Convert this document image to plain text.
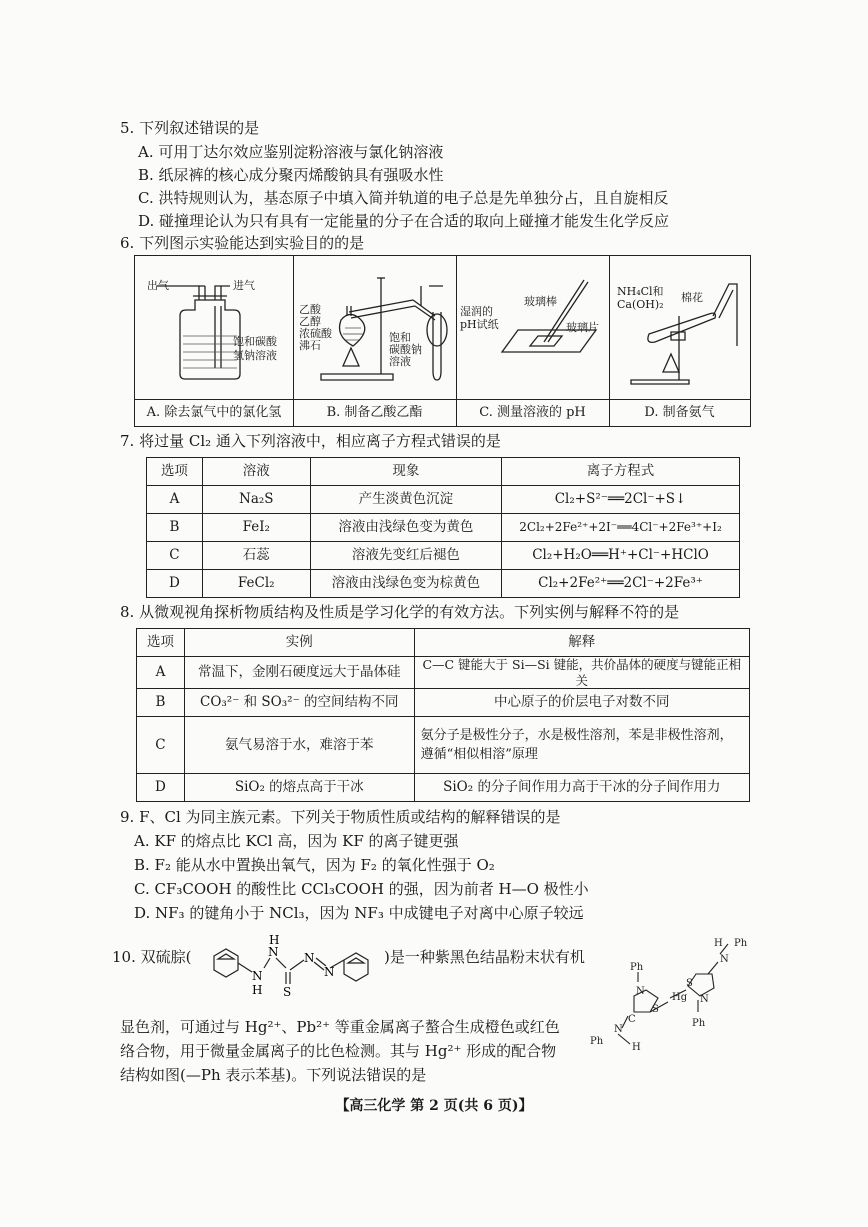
5. 下列叙述错误的是
A. 可用丁达尔效应鉴别淀粉溶液与氯化钠溶液
B. 纸尿裤的核心成分聚丙烯酸钠具有强吸水性
C. 洪特规则认为，基态原子中填入简并轨道的电子总是先单独分占，且自旋相反
D. 碰撞理论认为只有具有一定能量的分子在合适的取向上碰撞才能发生化学反应
6. 下列图示实验能达到实验目的的是
出气	进气
饱和碳酸
氢钠溶液
A. 除去氯气中的氯化氢
乙酸
乙醇
浓硫酸
沸石
饱和
碳酸钠
溶液
B. 制备乙酸乙酯
玻璃棒
湿润的
pH试纸	玻璃片
C. 测量溶液的 pH
NH₄Cl和
Ca(OH)₂
棉花
D. 制备氨气
7. 将过量 Cl₂ 通入下列溶液中，相应离子方程式错误的是
选项	溶液	现象	离子方程式
A	Na₂S	产生淡黄色沉淀	Cl₂+S²⁻══2Cl⁻+S↓
B	FeI₂	溶液由浅绿色变为黄色	2Cl₂+2Fe²⁺+2I⁻══4Cl⁻+2Fe³⁺+I₂
C	石蕊	溶液先变红后褪色	Cl₂+H₂O══H⁺+Cl⁻+HClO
D	FeCl₂	溶液由浅绿色变为棕黄色	Cl₂+2Fe²⁺══2Cl⁻+2Fe³⁺
8. 从微观视角探析物质结构及性质是学习化学的有效方法。下列实例与解释不符的是
选项	实例	解释
A	常温下，金刚石硬度远大于晶体硅	C—C 键能大于 Si—Si 键能，共价晶体的硬度与键能正相关
B	CO₃²⁻ 和 SO₃²⁻ 的空间结构不同	中心原子的价层电子对数不同
C	氨气易溶于水，难溶于苯	氨分子是极性分子，水是极性溶剂，苯是非极性溶剂，遵循“相似相溶”原理
D	SiO₂ 的熔点高于干冰	SiO₂ 的分子间作用力高于干冰的分子间作用力
9. F、Cl 为同主族元素。下列关于物质性质或结构的解释错误的是
A. KF 的熔点比 KCl 高，因为 KF 的离子键更强
B. F₂ 能从水中置换出氧气，因为 F₂ 的氧化性强于 O₂
C. CF₃COOH 的酸性比 CCl₃COOH 的强，因为前者 H—O 极性小
D. NF₃ 的键角小于 NCl₃，因为 NF₃ 中成键电子对离中心原子较远
10. 双硫腙(
H
N
N
H S
N
N
)是一种紫黑色结晶粉末状有机
显色剂，可通过与 Hg²⁺、Pb²⁺ 等重金属离子螯合生成橙色或红色
络合物，用于微量金属离子的比色检测。其与 Hg²⁺ 形成的配合物
结构如图(—Ph 表示苯基)。下列说法错误的是
Ph
Hg
S
S
N
C
N
Ph
H Ph
N
N
Ph
H
【高三化学 第 2 页(共 6 页)】
